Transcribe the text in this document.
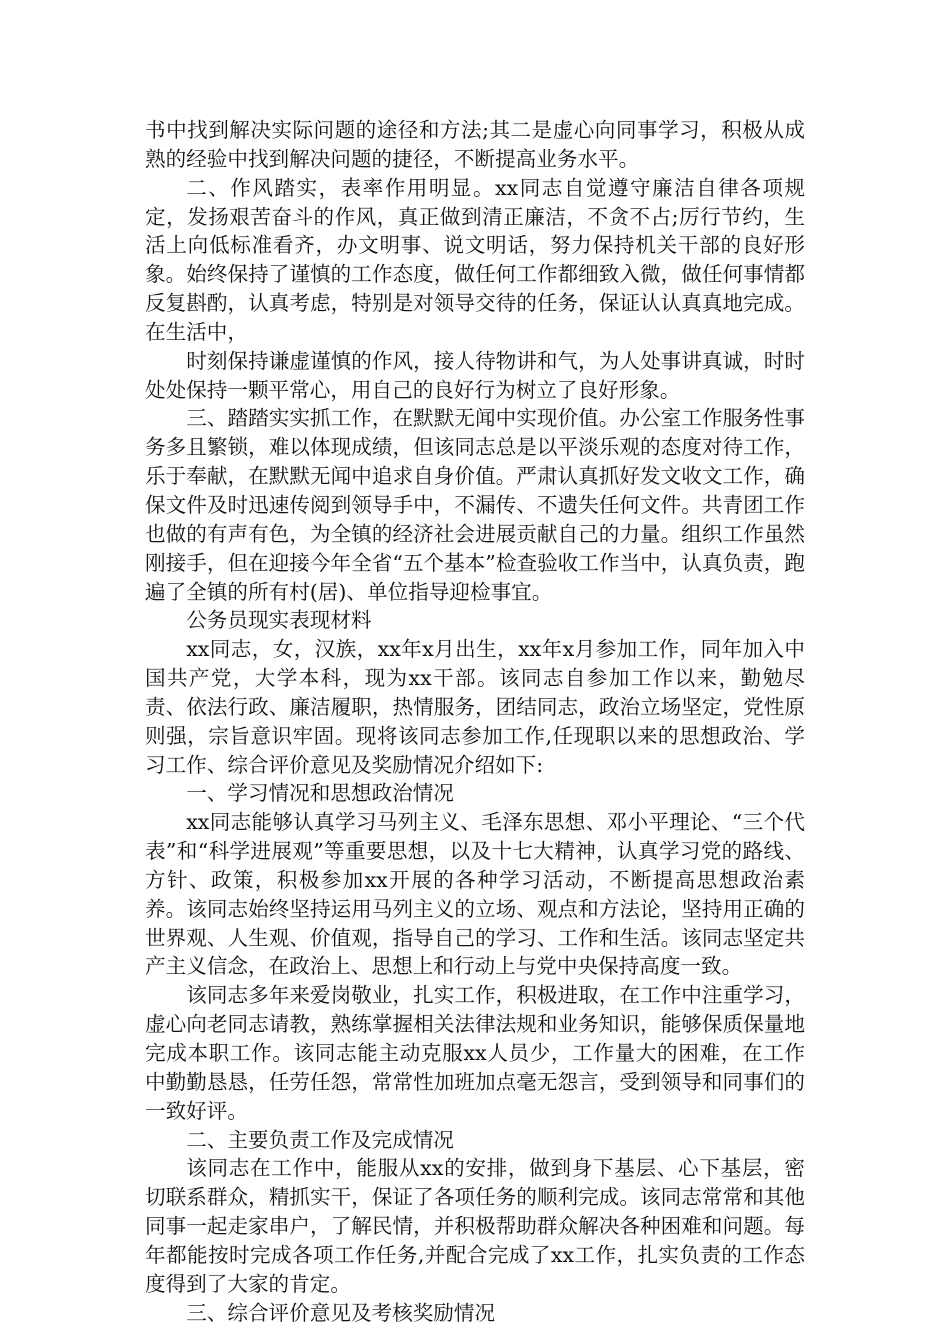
书中找到解决实际问题的途径和方法;其二是虚心向同事学习，积极从成熟的经验中找到解决问题的捷径，不断提高业务水平。

二、作风踏实，表率作用明显。xx同志自觉遵守廉洁自律各项规定，发扬艰苦奋斗的作风，真正做到清正廉洁，不贪不占;厉行节约，生活上向低标准看齐，办文明事、说文明话，努力保持机关干部的良好形象。始终保持了谨慎的工作态度，做任何工作都细致入微，做任何事情都反复斟酌，认真考虑，特别是对领导交待的任务，保证认认真真地完成。在生活中，

时刻保持谦虚谨慎的作风，接人待物讲和气，为人处事讲真诚，时时处处保持一颗平常心，用自己的良好行为树立了良好形象。

三、踏踏实实抓工作，在默默无闻中实现价值。办公室工作服务性事务多且繁锁，难以体现成绩，但该同志总是以平淡乐观的态度对待工作，乐于奉献，在默默无闻中追求自身价值。严肃认真抓好发文收文工作，确保文件及时迅速传阅到领导手中，不漏传、不遗失任何文件。共青团工作也做的有声有色，为全镇的经济社会进展贡献自己的力量。组织工作虽然刚接手，但在迎接今年全省“五个基本”检查验收工作当中，认真负责，跑遍了全镇的所有村(居)、单位指导迎检事宜。

公务员现实表现材料

xx同志，女，汉族，xx年x月出生，xx年x月参加工作，同年加入中国共产党，大学本科，现为xx干部。该同志自参加工作以来，勤勉尽责、依法行政、廉洁履职，热情服务，团结同志，政治立场坚定，党性原则强，宗旨意识牢固。现将该同志参加工作,任现职以来的思想政治、学习工作、综合评价意见及奖励情况介绍如下:

一、学习情况和思想政治情况

xx同志能够认真学习马列主义、毛泽东思想、邓小平理论、“三个代表”和“科学进展观”等重要思想，以及十七大精神，认真学习党的路线、方针、政策，积极参加xx开展的各种学习活动，不断提高思想政治素养。该同志始终坚持运用马列主义的立场、观点和方法论，坚持用正确的世界观、人生观、价值观，指导自己的学习、工作和生活。该同志坚定共产主义信念，在政治上、思想上和行动上与党中央保持高度一致。

该同志多年来爱岗敬业，扎实工作，积极进取，在工作中注重学习，虚心向老同志请教，熟练掌握相关法律法规和业务知识，能够保质保量地完成本职工作。该同志能主动克服xx人员少，工作量大的困难，在工作中勤勤恳恳，任劳任怨，常常性加班加点毫无怨言，受到领导和同事们的一致好评。

二、主要负责工作及完成情况

该同志在工作中，能服从xx的安排，做到身下基层、心下基层，密切联系群众，精抓实干，保证了各项任务的顺利完成。该同志常常和其他同事一起走家串户，了解民情，并积极帮助群众解决各种困难和问题。每年都能按时完成各项工作任务,并配合完成了xx工作，扎实负责的工作态度得到了大家的肯定。

三、综合评价意见及考核奖励情况
